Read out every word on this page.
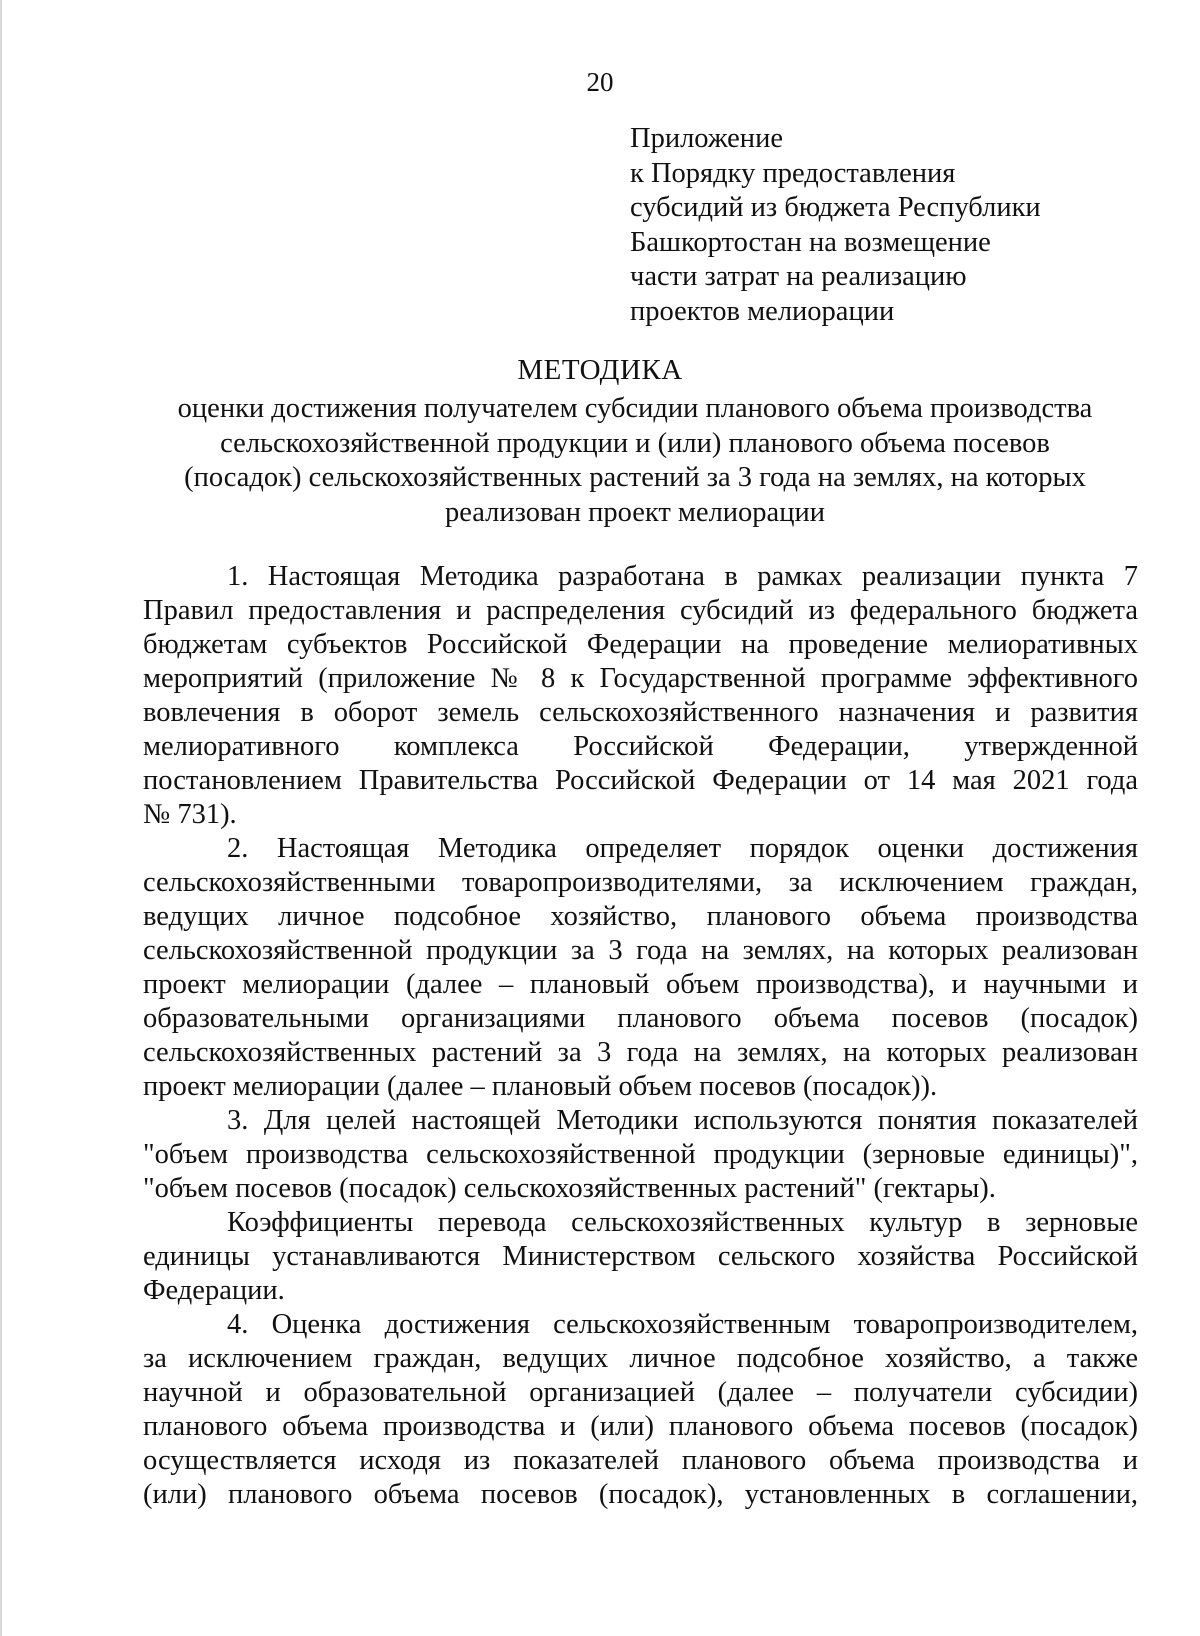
20
Приложение
к Порядку предоставления
субсидий из бюджета Республики
Башкортостан на возмещение
части затрат на реализацию
проектов мелиорации
МЕТОДИКА
оценки достижения получателем субсидии планового объема производства
сельскохозяйственной продукции и (или) планового объема посевов
(посадок) сельскохозяйственных растений за 3 года на землях, на которых
реализован проект мелиорации
1. Настоящая Методика разработана в рамках реализации пункта 7
Правил предоставления и распределения субсидий из федерального бюджета
бюджетам субъектов Российской Федерации на проведение мелиоративных
мероприятий (приложение № 8 к Государственной программе эффективного
вовлечения в оборот земель сельскохозяйственного назначения и развития
мелиоративного комплекса Российской Федерации, утвержденной
постановлением Правительства Российской Федерации от 14 мая 2021 года
№ 731).
2. Настоящая Методика определяет порядок оценки достижения
сельскохозяйственными товаропроизводителями, за исключением граждан,
ведущих личное подсобное хозяйство, планового объема производства
сельскохозяйственной продукции за 3 года на землях, на которых реализован
проект мелиорации (далее – плановый объем производства), и научными и
образовательными организациями планового объема посевов (посадок)
сельскохозяйственных растений за 3 года на землях, на которых реализован
проект мелиорации (далее – плановый объем посевов (посадок)).
3. Для целей настоящей Методики используются понятия показателей
"объем производства сельскохозяйственной продукции (зерновые единицы)",
"объем посевов (посадок) сельскохозяйственных растений" (гектары).
Коэффициенты перевода сельскохозяйственных культур в зерновые
единицы устанавливаются Министерством сельского хозяйства Российской
Федерации.
4. Оценка достижения сельскохозяйственным товаропроизводителем,
за исключением граждан, ведущих личное подсобное хозяйство, а также
научной и образовательной организацией (далее – получатели субсидии)
планового объема производства и (или) планового объема посевов (посадок)
осуществляется исходя из показателей планового объема производства и
(или) планового объема посевов (посадок), установленных в соглашении,
